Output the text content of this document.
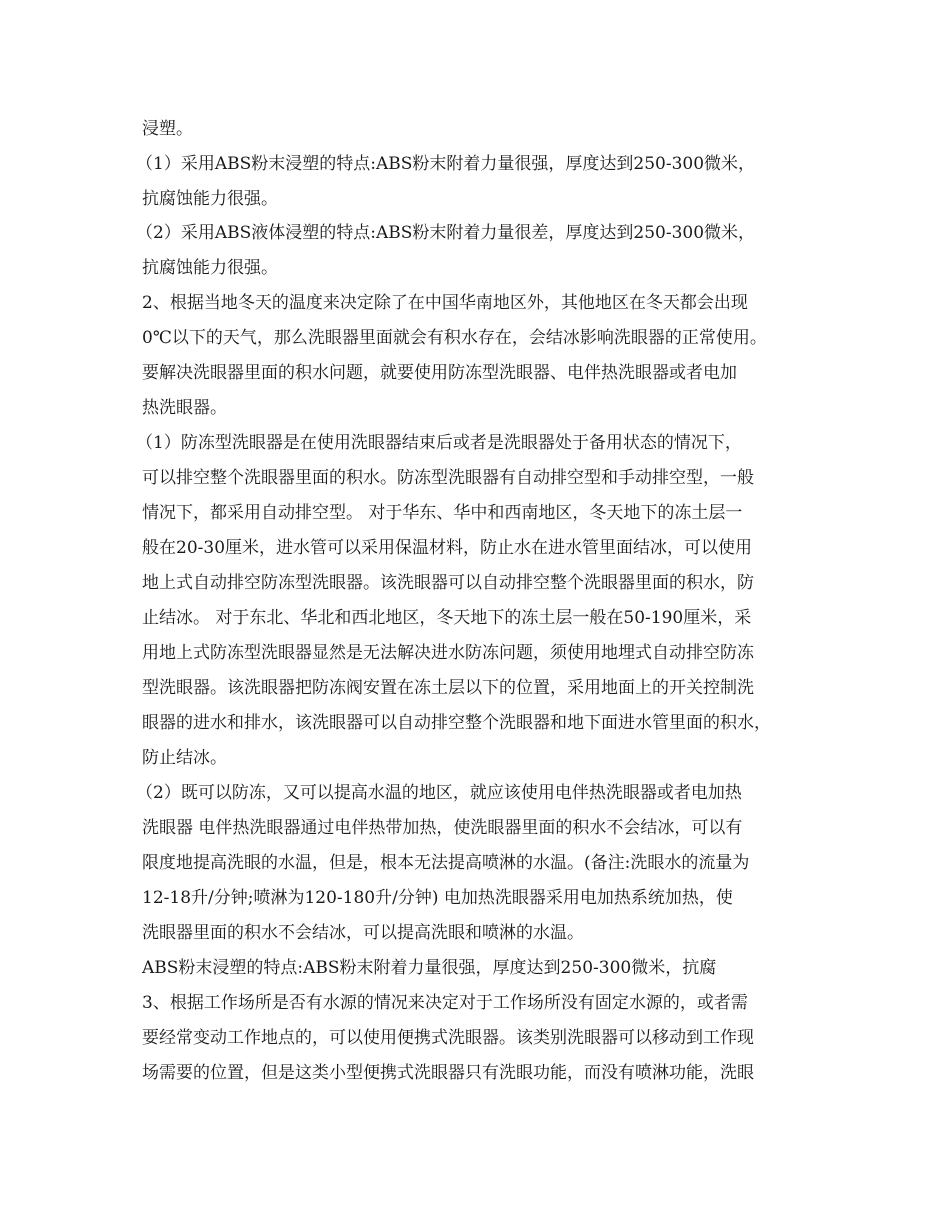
浸塑。

（1）采用ABS粉末浸塑的特点:ABS粉末附着力量很强，厚度达到250-300微米，

抗腐蚀能力很强。

（2）采用ABS液体浸塑的特点:ABS粉末附着力量很差，厚度达到250-300微米，

抗腐蚀能力很强。

2、根据当地冬天的温度来决定除了在中国华南地区外，其他地区在冬天都会出现

0℃以下的天气，那么洗眼器里面就会有积水存在，会结冰影响洗眼器的正常使用。

要解决洗眼器里面的积水问题，就要使用防冻型洗眼器、电伴热洗眼器或者电加

热洗眼器。

（1）防冻型洗眼器是在使用洗眼器结束后或者是洗眼器处于备用状态的情况下，

可以排空整个洗眼器里面的积水。防冻型洗眼器有自动排空型和手动排空型，一般

情况下，都采用自动排空型。 对于华东、华中和西南地区，冬天地下的冻土层一

般在20-30厘米，进水管可以采用保温材料，防止水在进水管里面结冰，可以使用

地上式自动排空防冻型洗眼器。该洗眼器可以自动排空整个洗眼器里面的积水，防

止结冰。 对于东北、华北和西北地区，冬天地下的冻土层一般在50-190厘米，采

用地上式防冻型洗眼器显然是无法解决进水防冻问题，须使用地埋式自动排空防冻

型洗眼器。该洗眼器把防冻阀安置在冻土层以下的位置，采用地面上的开关控制洗

眼器的进水和排水，该洗眼器可以自动排空整个洗眼器和地下面进水管里面的积水，

防止结冰。

（2）既可以防冻，又可以提高水温的地区，就应该使用电伴热洗眼器或者电加热

洗眼器 电伴热洗眼器通过电伴热带加热，使洗眼器里面的积水不会结冰，可以有

限度地提高洗眼的水温，但是，根本无法提高喷淋的水温。(备注:洗眼水的流量为

12-18升/分钟;喷淋为120-180升/分钟) 电加热洗眼器采用电加热系统加热，使

洗眼器里面的积水不会结冰，可以提高洗眼和喷淋的水温。

ABS粉末浸塑的特点:ABS粉末附着力量很强，厚度达到250-300微米，抗腐

3、根据工作场所是否有水源的情况来决定对于工作场所没有固定水源的，或者需

要经常变动工作地点的，可以使用便携式洗眼器。该类别洗眼器可以移动到工作现

场需要的位置，但是这类小型便携式洗眼器只有洗眼功能，而没有喷淋功能，洗眼
